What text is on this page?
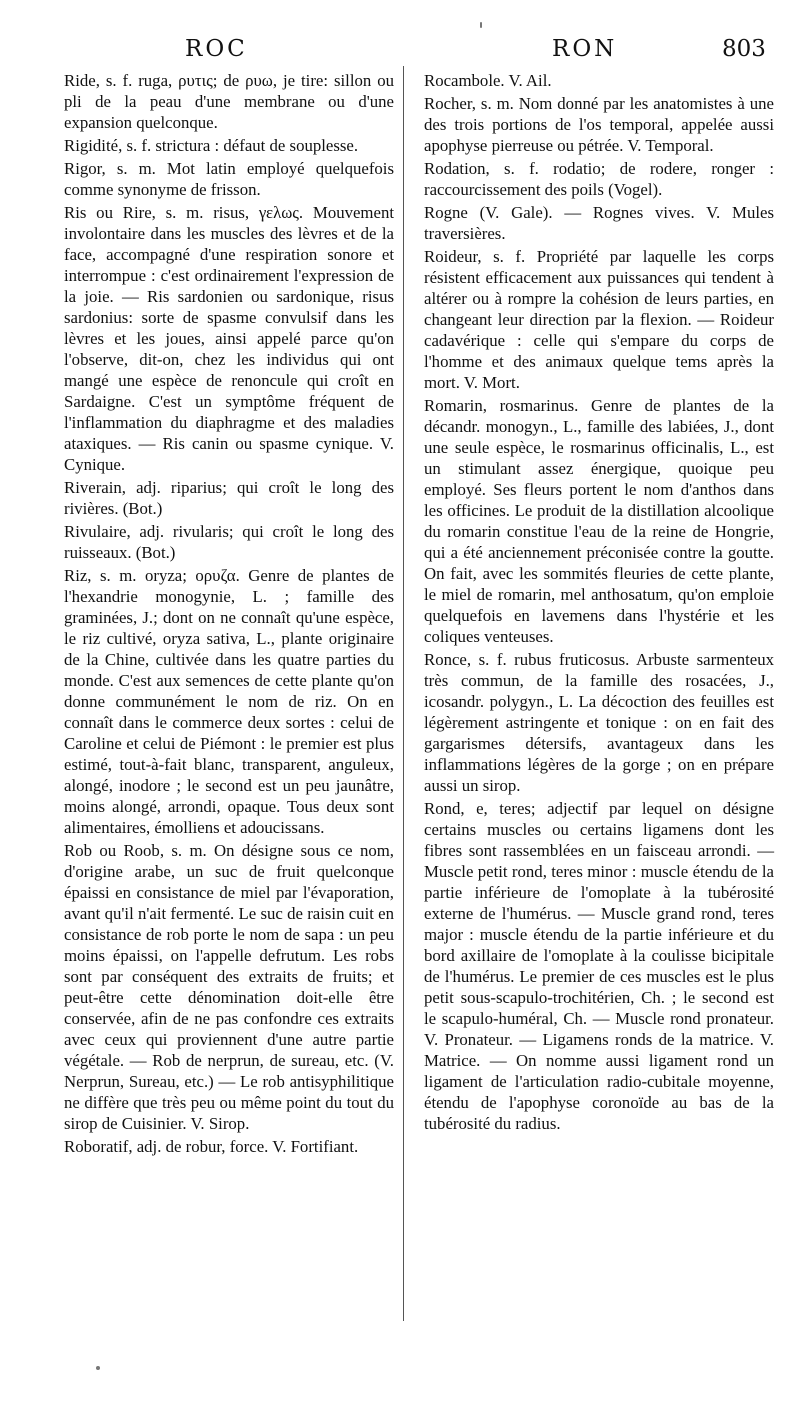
ROC	RON	803

Ride, s. f. ruga, ρυτις; de ρυω, je tire: sillon ou pli de la peau d'une membrane ou d'une expansion quelconque.

Rigidité, s. f. strictura : défaut de souplesse.

Rigor, s. m. Mot latin employé quelquefois comme synonyme de frisson.

Ris ou Rire, s. m. risus, γελως. Mouvement involontaire dans les muscles des lèvres et de la face, accompagné d'une respiration sonore et interrompue : c'est ordinairement l'expression de la joie. — Ris sardonien ou sardonique, risus sardonius: sorte de spasme convulsif dans les lèvres et les joues, ainsi appelé parce qu'on l'observe, dit-on, chez les individus qui ont mangé une espèce de renoncule qui croît en Sardaigne. C'est un symptôme fréquent de l'inflammation du diaphragme et des maladies ataxiques. — Ris canin ou spasme cynique. V. Cynique.

Riverain, adj. riparius; qui croît le long des rivières. (Bot.)

Rivulaire, adj. rivularis; qui croît le long des ruisseaux. (Bot.)

Riz, s. m. oryza; ορυζα. Genre de plantes de l'hexandrie monogynie, L. ; famille des graminées, J.; dont on ne connaît qu'une espèce, le riz cultivé, oryza sativa, L., plante originaire de la Chine, cultivée dans les quatre parties du monde. C'est aux semences de cette plante qu'on donne communément le nom de riz. On en connaît dans le commerce deux sortes : celui de Caroline et celui de Piémont : le premier est plus estimé, tout-à-fait blanc, transparent, anguleux, alongé, inodore ; le second est un peu jaunâtre, moins alongé, arrondi, opaque. Tous deux sont alimentaires, émolliens et adoucissans.

Rob ou Roob, s. m. On désigne sous ce nom, d'origine arabe, un suc de fruit quelconque épaissi en consistance de miel par l'évaporation, avant qu'il n'ait fermenté. Le suc de raisin cuit en consistance de rob porte le nom de sapa : un peu moins épaissi, on l'appelle defrutum. Les robs sont par conséquent des extraits de fruits; et peut-être cette dénomination doit-elle être conservée, afin de ne pas confondre ces extraits avec ceux qui proviennent d'une autre partie végétale. — Rob de nerprun, de sureau, etc. (V. Nerprun, Sureau, etc.) — Le rob antisyphilitique ne diffère que très peu ou même point du tout du sirop de Cuisinier. V. Sirop.

Roboratif, adj. de robur, force. V. Fortifiant.

Rocambole. V. Ail.

Rocher, s. m. Nom donné par les anatomistes à une des trois portions de l'os temporal, appelée aussi apophyse pierreuse ou pétrée. V. Temporal.

Rodation, s. f. rodatio; de rodere, ronger : raccourcissement des poils (Vogel).

Rogne (V. Gale). — Rognes vives. V. Mules traversières.

Roideur, s. f. Propriété par laquelle les corps résistent efficacement aux puissances qui tendent à altérer ou à rompre la cohésion de leurs parties, en changeant leur direction par la flexion. — Roideur cadavérique : celle qui s'empare du corps de l'homme et des animaux quelque tems après la mort. V. Mort.

Romarin, rosmarinus. Genre de plantes de la décandr. monogyn., L., famille des labiées, J., dont une seule espèce, le rosmarinus officinalis, L., est un stimulant assez énergique, quoique peu employé. Ses fleurs portent le nom d'anthos dans les officines. Le produit de la distillation alcoolique du romarin constitue l'eau de la reine de Hongrie, qui a été anciennement préconisée contre la goutte. On fait, avec les sommités fleuries de cette plante, le miel de romarin, mel anthosatum, qu'on emploie quelquefois en lavemens dans l'hystérie et les coliques venteuses.

Ronce, s. f. rubus fruticosus. Arbuste sarmenteux très commun, de la famille des rosacées, J., icosandr. polygyn., L. La décoction des feuilles est légèrement astringente et tonique : on en fait des gargarismes détersifs, avantageux dans les inflammations légères de la gorge ; on en prépare aussi un sirop.

Rond, e, teres; adjectif par lequel on désigne certains muscles ou certains ligamens dont les fibres sont rassemblées en un faisceau arrondi. — Muscle petit rond, teres minor : muscle étendu de la partie inférieure de l'omoplate à la tubérosité externe de l'humérus. — Muscle grand rond, teres major : muscle étendu de la partie inférieure et du bord axillaire de l'omoplate à la coulisse bicipitale de l'humérus. Le premier de ces muscles est le plus petit sous-scapulo-trochitérien, Ch. ; le second est le scapulo-huméral, Ch. — Muscle rond pronateur. V. Pronateur. — Ligamens ronds de la matrice. V. Matrice. — On nomme aussi ligament rond un ligament de l'articulation radio-cubitale moyenne, étendu de l'apophyse coronoïde au bas de la tubérosité du radius.
